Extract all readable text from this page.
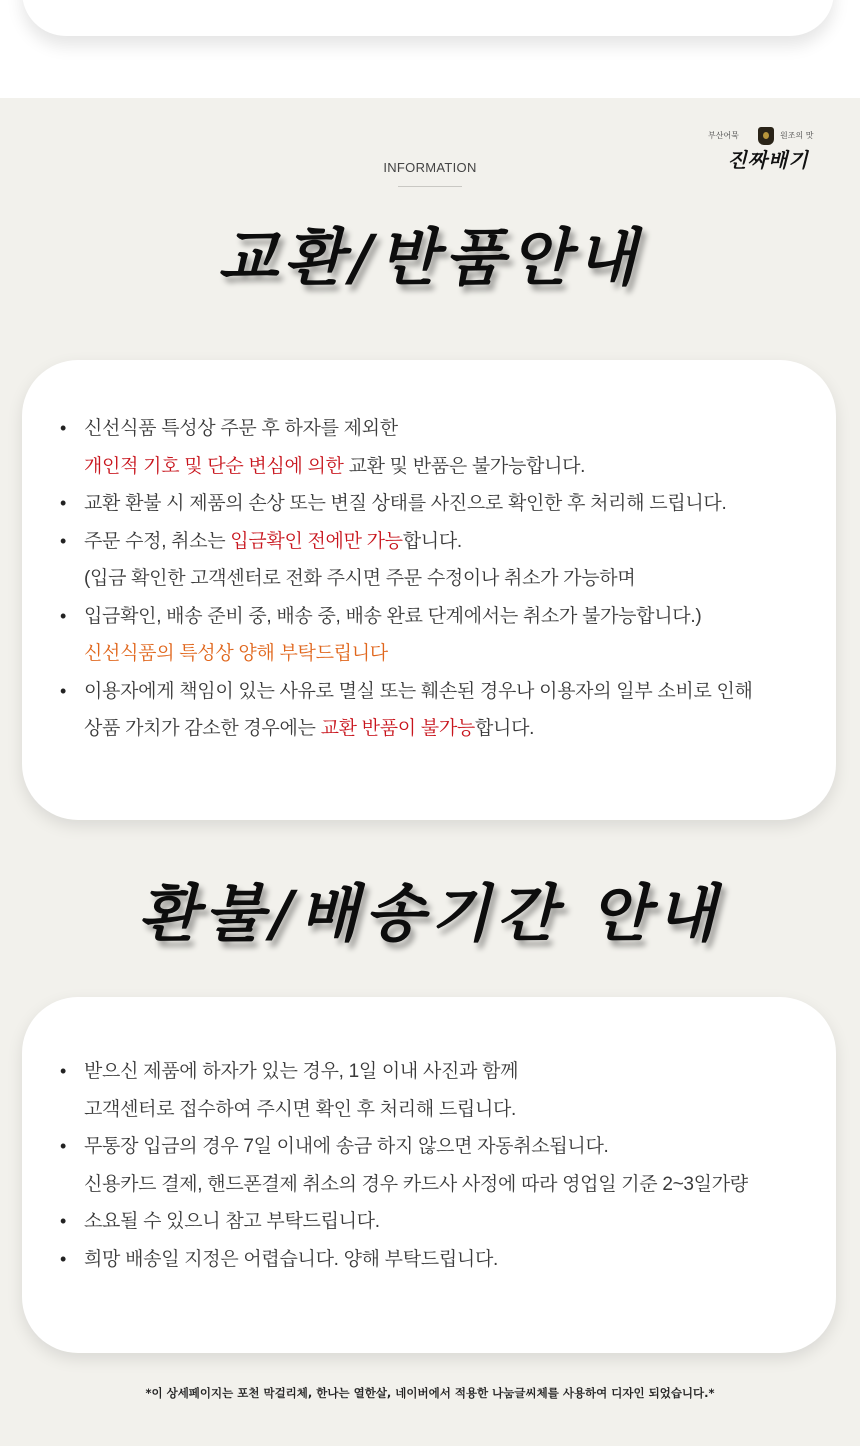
INFORMATION
부산어묵	원조의 맛
진짜배기
교환/반품안내
• 신선식품 특성상 주문 후 하자를 제외한
개인적 기호 및 단순 변심에 의한 교환 및 반품은 불가능합니다.
• 교환 환불 시 제품의 손상 또는 변질 상태를 사진으로 확인한 후 처리해 드립니다.
• 주문 수정, 취소는 입금확인 전에만 가능합니다.
(입금 확인한 고객센터로 전화 주시면 주문 수정이나 취소가 가능하며
• 입금확인, 배송 준비 중, 배송 중, 배송 완료 단계에서는 취소가 불가능합니다.)
신선식품의 특성상 양해 부탁드립니다
• 이용자에게 책임이 있는 사유로 멸실 또는 훼손된 경우나 이용자의 일부 소비로 인해
상품 가치가 감소한 경우에는 교환 반품이 불가능합니다.
환불/배송기간 안내
• 받으신 제품에 하자가 있는 경우, 1일 이내 사진과 함께
고객센터로 접수하여 주시면 확인 후 처리해 드립니다.
• 무통장 입금의 경우 7일 이내에 송금 하지 않으면 자동취소됩니다.
신용카드 결제, 핸드폰결제 취소의 경우 카드사 사정에 따라 영업일 기준 2~3일가량
• 소요될 수 있으니 참고 부탁드립니다.
• 희망 배송일 지정은 어렵습니다. 양해 부탁드립니다.
*이 상세페이지는 포천 막걸리체, 한나는 열한살, 네이버에서 적용한 나눔글씨체를 사용하여 디자인 되었습니다.*
